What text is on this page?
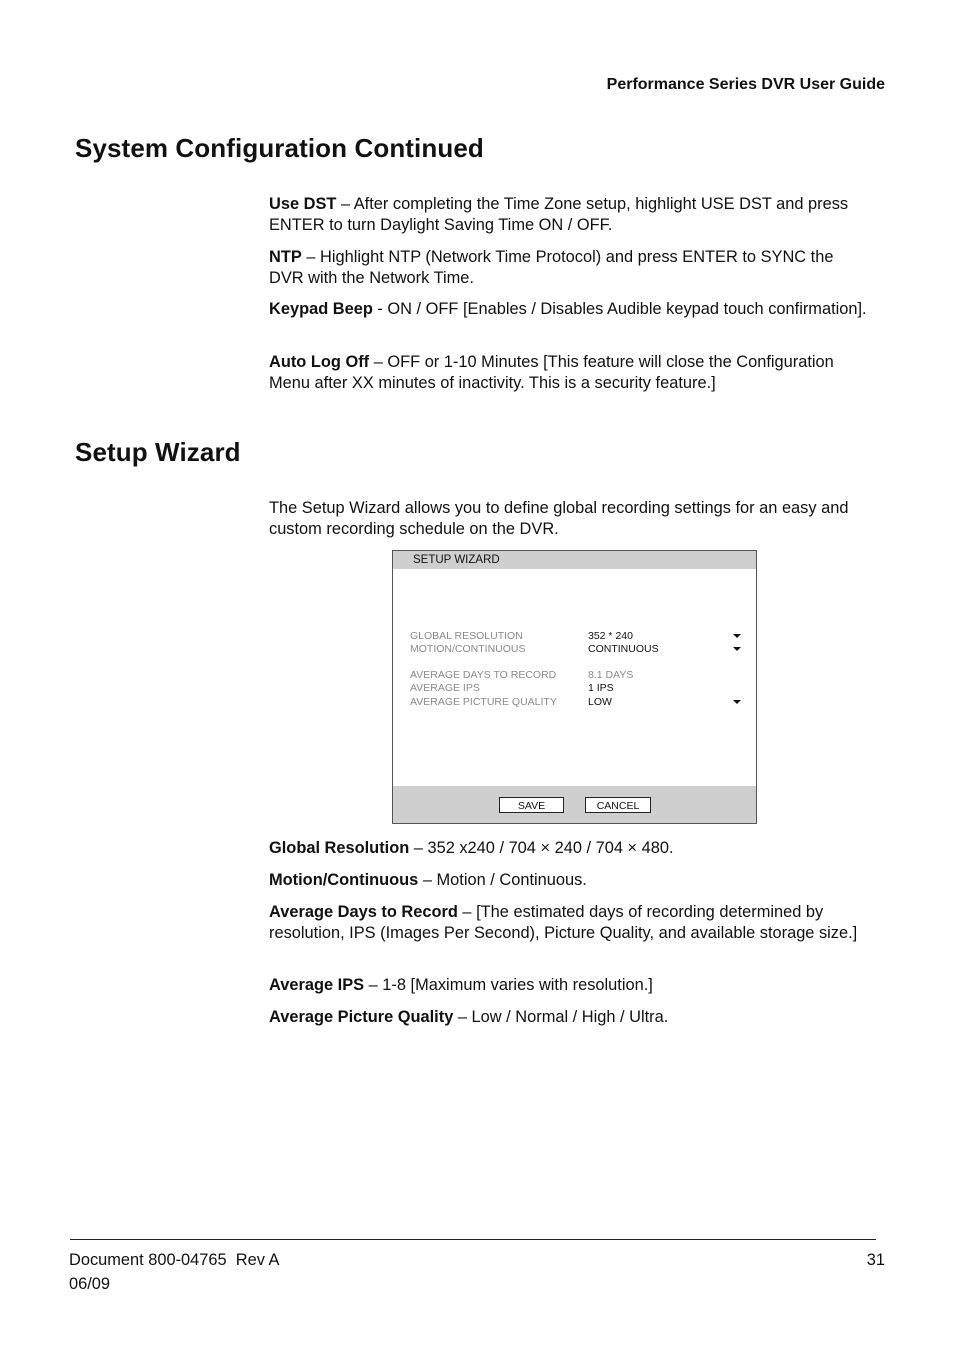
Performance Series DVR User Guide
System Configuration Continued

Use DST – After completing the Time Zone setup, highlight USE DST and press ENTER to turn Daylight Saving Time ON / OFF.

NTP – Highlight NTP (Network Time Protocol) and press ENTER to SYNC the DVR with the Network Time.

Keypad Beep - ON / OFF [Enables / Disables Audible keypad touch confirmation].

Auto Log Off – OFF or 1-10 Minutes [This feature will close the Configuration Menu after XX minutes of inactivity. This is a security feature.]

Setup Wizard

The Setup Wizard allows you to define global recording settings for an easy and custom recording schedule on the DVR.

SETUP WIZARD
GLOBAL RESOLUTION	352 * 240
MOTION/CONTINUOUS	CONTINUOUS
AVERAGE DAYS TO RECORD	8.1 DAYS
AVERAGE IPS	1 IPS
AVERAGE PICTURE QUALITY	LOW
SAVE	CANCEL

Global Resolution – 352 x240 / 704 × 240 / 704 × 480.

Motion/Continuous – Motion / Continuous.

Average Days to Record – [The estimated days of recording determined by resolution, IPS (Images Per Second), Picture Quality, and available storage size.]

Average IPS – 1-8 [Maximum varies with resolution.]

Average Picture Quality – Low / Normal / High / Ultra.

Document 800-04765  Rev A
06/09
31
